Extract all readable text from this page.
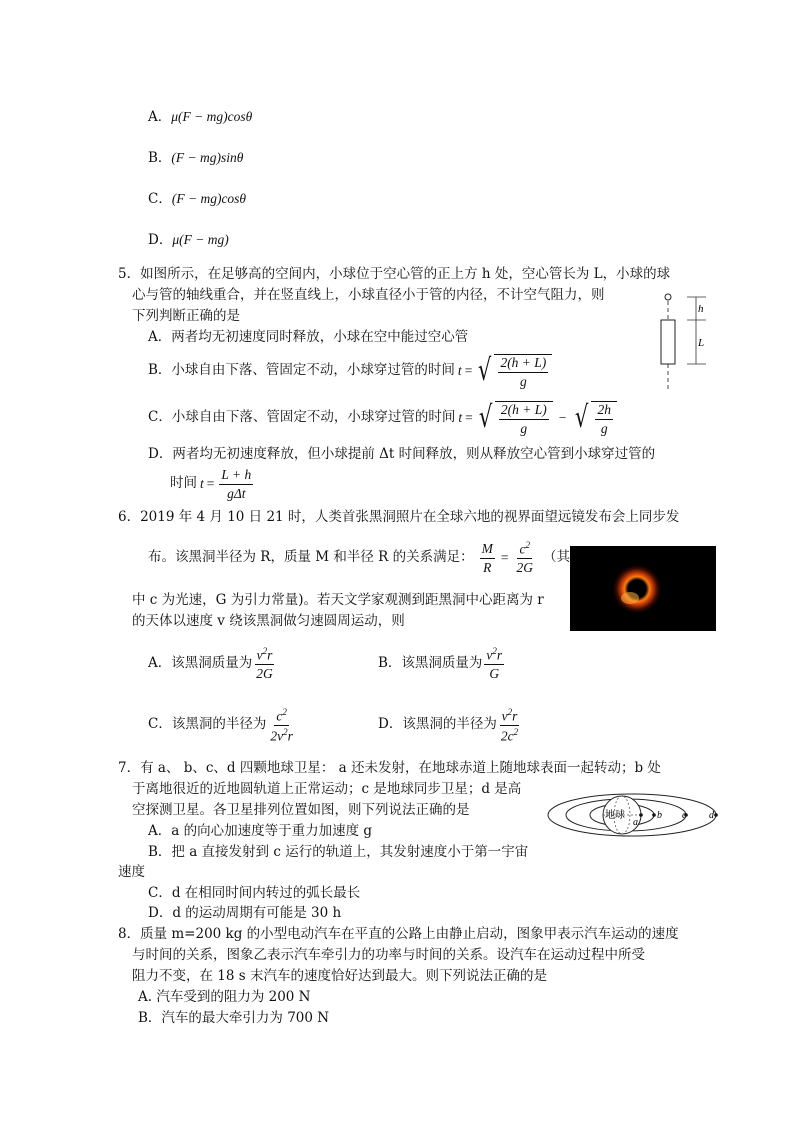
A．μ(F − mg)cosθ
B．(F − mg)sinθ
C．(F − mg)cosθ
D．μ(F − mg)
5．如图所示，在足够高的空间内，小球位于空心管的正上方 h 处，空心管长为 L，小球的球
心与管的轴线重合，并在竖直线上，小球直径小于管的内径，不计空气阻力，则
下列判断正确的是
A．两者均无初速度同时释放，小球在空中能过空心管
B．小球自由下落、管固定不动，小球穿过管的时间 t = √ $\frac{2(h + L)}{g}$
C．小球自由下落、管固定不动，小球穿过管的时间 t = √ $\frac{2(h + L)}{g}$ − √ $\frac{2h}{g}$
D．两者均无初速度释放，但小球提前 Δt 时间释放，则从释放空心管到小球穿过管的
时间 $t = \frac{L + h}{\text{gΔt}}$
h
L
6．2019 年 4 月 10 日 21 时，人类首张黑洞照片在全球六地的视界面望远镜发布会上同步发
布。该黑洞半径为 R，质量 M 和半径 R 的关系满足： $\frac{M}{R} = \frac{c^2}{2G}$ （其
中 c 为光速，G 为引力常量)。若天文学家观测到距黑洞中心距离为 r
的天体以速度 v 绕该黑洞做匀速圆周运动，则
A．该黑洞质量为 $\frac{v^2r}{2G}$	B．该黑洞质量为 $\frac{v^2r}{G}$
C．该黑洞的半径为 $\frac{c^2}{2v^2r}$	D．该黑洞的半径为 $\frac{v^2r}{2c^2}$
7．有 a、 b、c、d 四颗地球卫星： a 还未发射，在地球赤道上随地球表面一起转动；b 处
于离地很近的近地圆轨道上正常运动；c 是地球同步卫星；d 是高
空探测卫星。各卫星排列位置如图，则下列说法正确的是
A．a 的向心加速度等于重力加速度 g
B．把 a 直接发射到 c 运行的轨道上，其发射速度小于第一宇宙
速度
C．d 在相同时间内转过的弧长最长
D．d 的运动周期有可能是 30 h
地球
a
b c d
8．质量 m=200 kg 的小型电动汽车在平直的公路上由静止启动，图象甲表示汽车运动的速度
与时间的关系，图象乙表示汽车牵引力的功率与时间的关系。设汽车在运动过程中所受
阻力不变，在 18 s 末汽车的速度恰好达到最大。则下列说法正确的是
A. 汽车受到的阻力为 200 N
B．汽车的最大牵引力为 700 N
